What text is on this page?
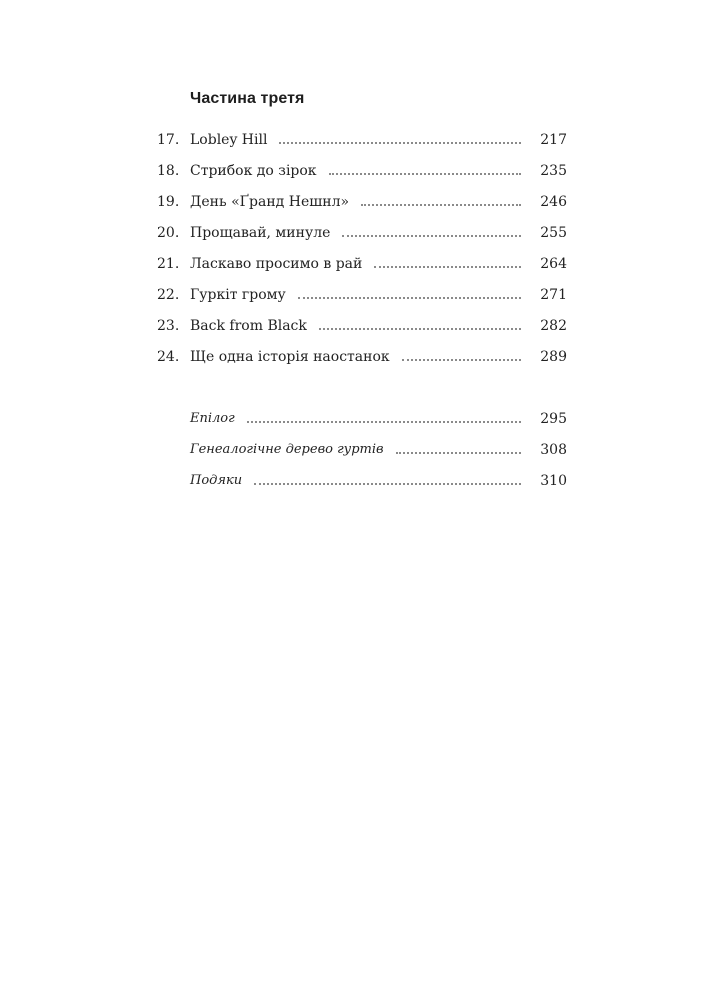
Частина третя
17. Lobley Hill	217
18. Стрибок до зірок	235
19. День «Ґранд Нешнл»	246
20. Прощавай, минуле	255
21. Ласкаво просимо в рай	264
22. Гуркіт грому	271
23. Back from Black	282
24. Ще одна історія наостанок	289
Епілог	295
Генеалогічне дерево гуртів	308
Подяки	310
